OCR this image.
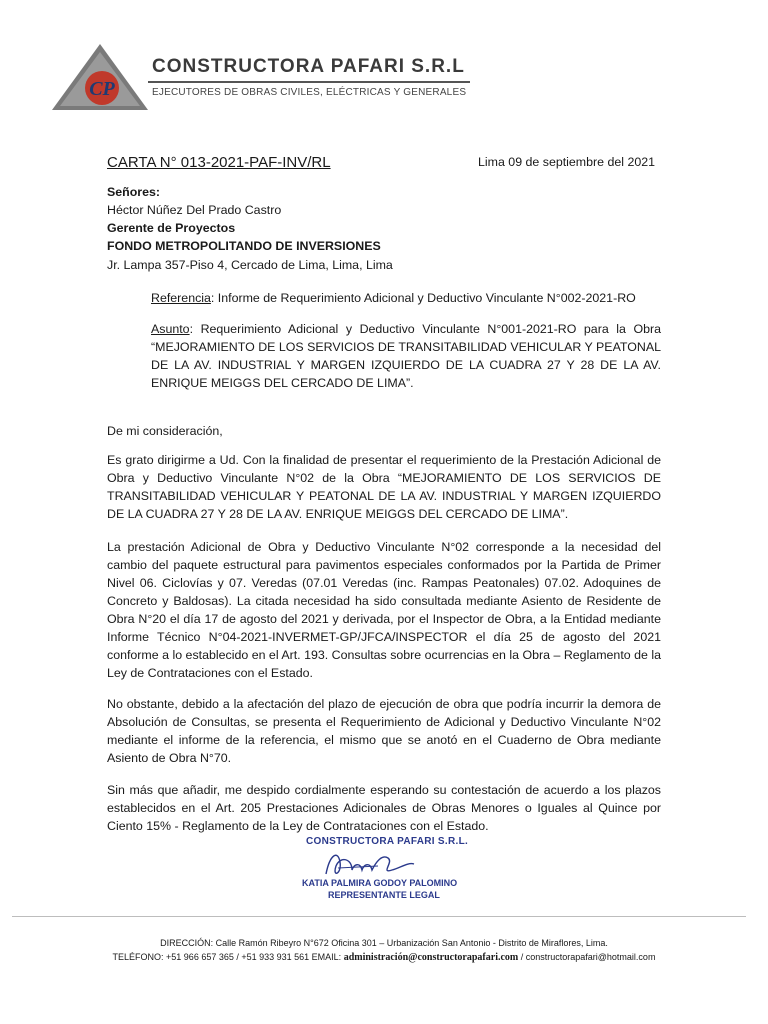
CP
CONSTRUCTORA PAFARI S.R.L
EJECUTORES DE OBRAS CIVILES, ELÉCTRICAS Y GENERALES
CARTA N° 013-2021-PAF-INV/RL	Lima 09 de septiembre del 2021
Señores:
Héctor Núñez Del Prado Castro
Gerente de Proyectos
FONDO METROPOLITANDO DE INVERSIONES
Jr. Lampa 357-Piso 4, Cercado de Lima, Lima, Lima
Referencia: Informe de Requerimiento Adicional y Deductivo Vinculante N°002-2021-RO
Asunto: Requerimiento Adicional y Deductivo Vinculante N°001-2021-RO para la Obra “MEJORAMIENTO DE LOS SERVICIOS DE TRANSITABILIDAD VEHICULAR Y PEATONAL DE LA AV. INDUSTRIAL Y MARGEN IZQUIERDO DE LA CUADRA 27 Y 28 DE LA AV. ENRIQUE MEIGGS DEL CERCADO DE LIMA”.
De mi consideración,
Es grato dirigirme a Ud. Con la finalidad de presentar el requerimiento de la Prestación Adicional de Obra y Deductivo Vinculante N°02 de la Obra “MEJORAMIENTO DE LOS SERVICIOS DE TRANSITABILIDAD VEHICULAR Y PEATONAL DE LA AV. INDUSTRIAL Y MARGEN IZQUIERDO DE LA CUADRA 27 Y 28 DE LA AV. ENRIQUE MEIGGS DEL CERCADO DE LIMA”.
La prestación Adicional de Obra y Deductivo Vinculante N°02 corresponde a la necesidad del cambio del paquete estructural para pavimentos especiales conformados por la Partida de Primer Nivel 06. Ciclovías y 07. Veredas (07.01 Veredas (inc. Rampas Peatonales) 07.02. Adoquines de Concreto y Baldosas). La citada necesidad ha sido consultada mediante Asiento de Residente de Obra N°20 el día 17 de agosto del 2021 y derivada, por el Inspector de Obra, a la Entidad mediante Informe Técnico N°04-2021-INVERMET-GP/JFCA/INSPECTOR el día 25 de agosto del 2021 conforme a lo establecido en el Art. 193. Consultas sobre ocurrencias en la Obra – Reglamento de la Ley de Contrataciones con el Estado.
No obstante, debido a la afectación del plazo de ejecución de obra que podría incurrir la demora de Absolución de Consultas, se presenta el Requerimiento de Adicional y Deductivo Vinculante N°02 mediante el informe de la referencia, el mismo que se anotó en el Cuaderno de Obra mediante Asiento de Obra N°70.
Sin más que añadir, me despido cordialmente esperando su contestación de acuerdo a los plazos establecidos en el Art. 205 Prestaciones Adicionales de Obras Menores o Iguales al Quince por Ciento 15% - Reglamento de la Ley de Contrataciones con el Estado.
CONSTRUCTORA PAFARI S.R.L.
KATIA PALMIRA GODOY PALOMINO
REPRESENTANTE LEGAL
DIRECCIÓN: Calle Ramón Ribeyro N°672 Oficina 301 – Urbanización San Antonio - Distrito de Miraflores, Lima.
TELÉFONO: +51 966 657 365 / +51 933 931 561 EMAIL: administración@constructorapafari.com / constructorapafari@hotmail.com
